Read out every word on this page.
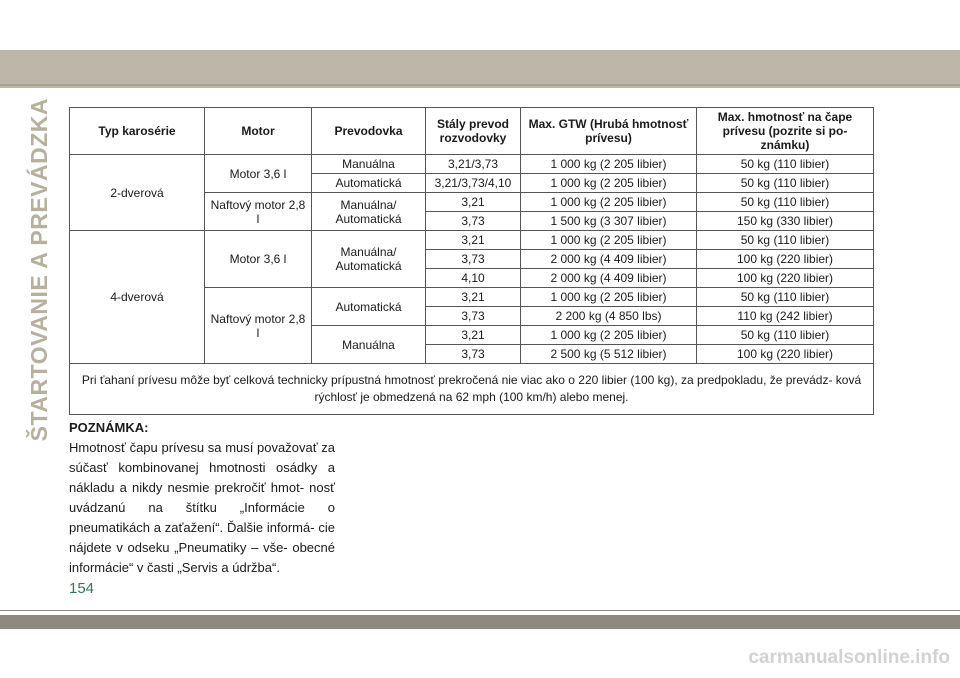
ŠTARTOVANIE A PREVÁDZKA	Typ karosérie	Motor	Prevodovka	Stály prevod rozvodovky	Max. GTW (Hrubá hmotnosť prívesu)	Max. hmotnosť na čape prívesu (pozrite si po- známku)
2-dverová	Motor 3,6 l	Manuálna	3,21/3,73	1 000 kg (2 205 libier)	50 kg (110 libier)
		Automatická	3,21/3,73/4,10	1 000 kg (2 205 libier)	50 kg (110 libier)
	Naftový motor 2,8 l	Manuálna/ Automatická	3,21	1 000 kg (2 205 libier)	50 kg (110 libier)
			3,73	1 500 kg (3 307 libier)	150 kg (330 libier)
4-dverová	Motor 3,6 l	Manuálna/ Automatická	3,21	1 000 kg (2 205 libier)	50 kg (110 libier)
			3,73	2 000 kg (4 409 libier)	100 kg (220 libier)
			4,10	2 000 kg (4 409 libier)	100 kg (220 libier)
	Naftový motor 2,8 l	Automatická	3,21	1 000 kg (2 205 libier)	50 kg (110 libier)
			3,73	2 200 kg (4 850 lbs)	110 kg (242 libier)
		Manuálna	3,21	1 000 kg (2 205 libier)	50 kg (110 libier)
			3,73	2 500 kg (5 512 libier)	100 kg (220 libier)
Pri ťahaní prívesu môže byť celková technicky prípustná hmotnosť prekročená nie viac ako o 220 libier (100 kg), za predpokladu, že prevádz- ková rýchlosť je obmedzená na 62 mph (100 km/h) alebo menej.					
POZNÁMKA:
Hmotnosť čapu prívesu sa musí považovať za súčasť kombinovanej hmotnosti osádky a nákladu a nikdy nesmie prekročiť hmot- nosť uvádzanú na štítku „Informácie o pneumatikách a zaťažení“. Ďalšie informá- cie nájdete v odseku „Pneumatiky – vše- obecné informácie“ v časti „Servis a údržba“.
154
carmanualsonline.info
